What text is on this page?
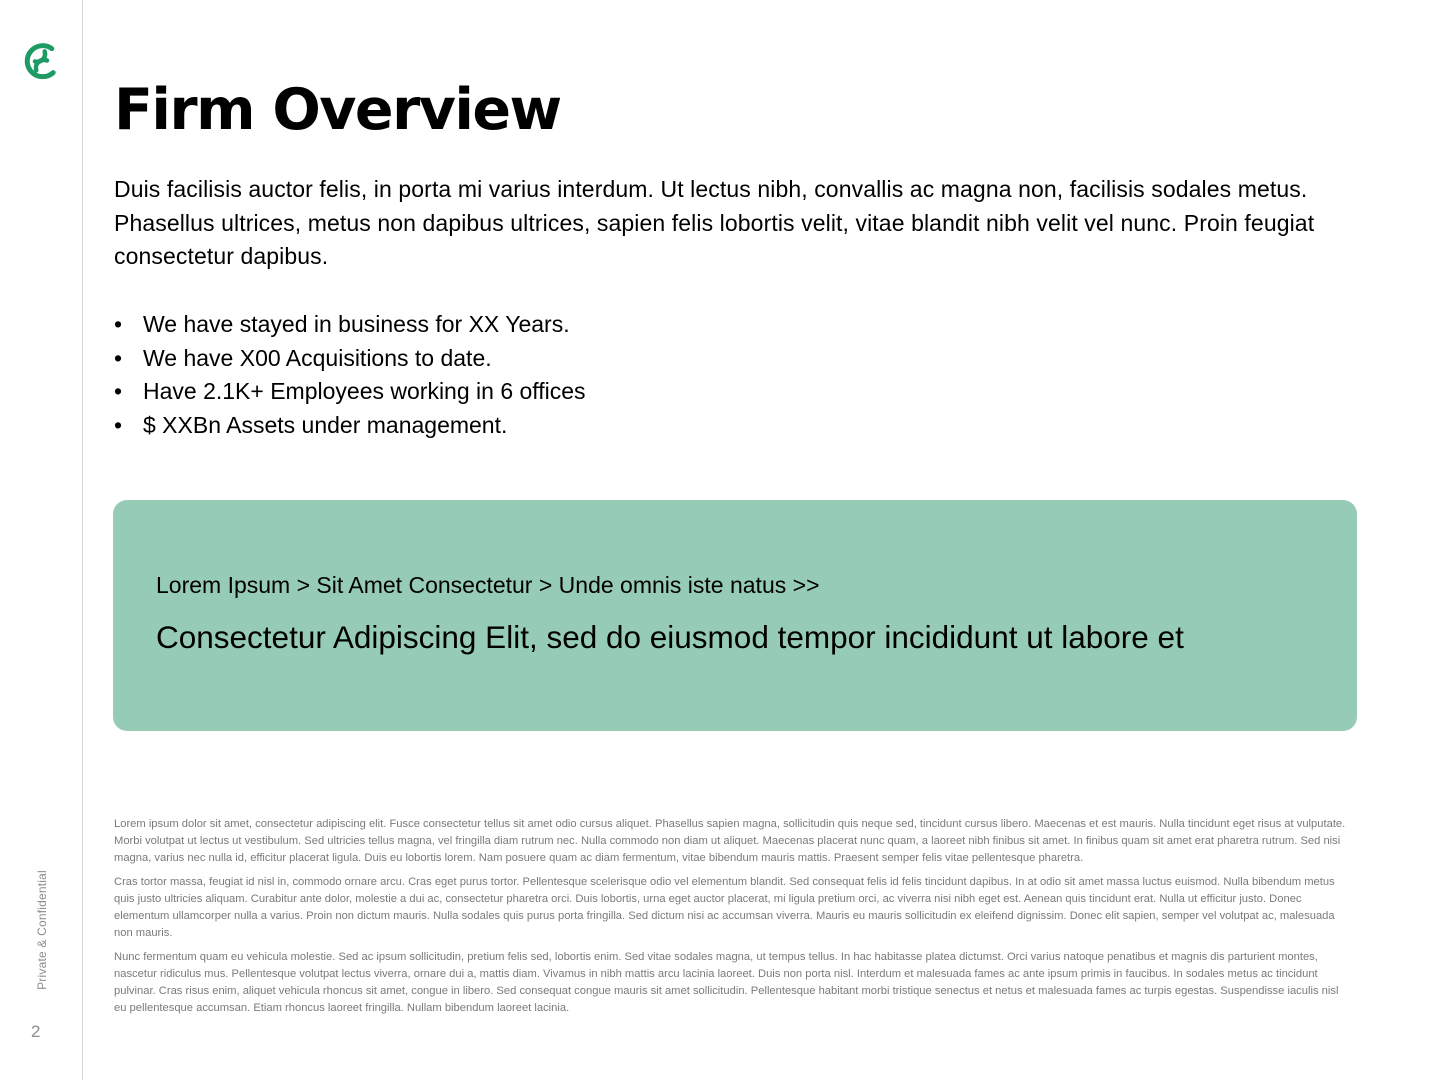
Private & Confidential
2
Firm Overview

Duis facilisis auctor felis, in porta mi varius interdum. Ut lectus nibh, convallis ac magna non, facilisis sodales metus. Phasellus ultrices, metus non dapibus ultrices, sapien felis lobortis velit, vitae blandit nibh velit vel nunc. Proin feugiat consectetur dapibus.

• We have stayed in business for XX Years.
• We have X00 Acquisitions to date.
• Have 2.1K+ Employees working in 6 offices
• $ XXBn Assets under management.
Lorem Ipsum > Sit Amet Consectetur > Unde omnis iste natus >>
Consectetur Adipiscing Elit, sed do eiusmod tempor incididunt ut labore et

Lorem ipsum dolor sit amet, consectetur adipiscing elit. Fusce consectetur tellus sit amet odio cursus aliquet. Phasellus sapien magna, sollicitudin quis neque sed, tincidunt cursus libero. Maecenas et est mauris. Nulla tincidunt eget risus at vulputate. Morbi volutpat ut lectus ut vestibulum. Sed ultricies tellus magna, vel fringilla diam rutrum nec. Nulla commodo non diam ut aliquet. Maecenas placerat nunc quam, a laoreet nibh finibus sit amet. In finibus quam sit amet erat pharetra rutrum. Sed nisi magna, varius nec nulla id, efficitur placerat ligula. Duis eu lobortis lorem. Nam posuere quam ac diam fermentum, vitae bibendum mauris mattis. Praesent semper felis vitae pellentesque pharetra.

Cras tortor massa, feugiat id nisl in, commodo ornare arcu. Cras eget purus tortor. Pellentesque scelerisque odio vel elementum blandit. Sed consequat felis id felis tincidunt dapibus. In at odio sit amet massa luctus euismod. Nulla bibendum metus quis justo ultricies aliquam. Curabitur ante dolor, molestie a dui ac, consectetur pharetra orci. Duis lobortis, urna eget auctor placerat, mi ligula pretium orci, ac viverra nisi nibh eget est. Aenean quis tincidunt erat. Nulla ut efficitur justo. Donec elementum ullamcorper nulla a varius. Proin non dictum mauris. Nulla sodales quis purus porta fringilla. Sed dictum nisi ac accumsan viverra. Mauris eu mauris sollicitudin ex eleifend dignissim. Donec elit sapien, semper vel volutpat ac, malesuada non mauris.

Nunc fermentum quam eu vehicula molestie. Sed ac ipsum sollicitudin, pretium felis sed, lobortis enim. Sed vitae sodales magna, ut tempus tellus. In hac habitasse platea dictumst. Orci varius natoque penatibus et magnis dis parturient montes, nascetur ridiculus mus. Pellentesque volutpat lectus viverra, ornare dui a, mattis diam. Vivamus in nibh mattis arcu lacinia laoreet. Duis non porta nisl. Interdum et malesuada fames ac ante ipsum primis in faucibus. In sodales metus ac tincidunt pulvinar. Cras risus enim, aliquet vehicula rhoncus sit amet, congue in libero. Sed consequat congue mauris sit amet sollicitudin. Pellentesque habitant morbi tristique senectus et netus et malesuada fames ac turpis egestas. Suspendisse iaculis nisl eu pellentesque accumsan. Etiam rhoncus laoreet fringilla. Nullam bibendum laoreet lacinia.
